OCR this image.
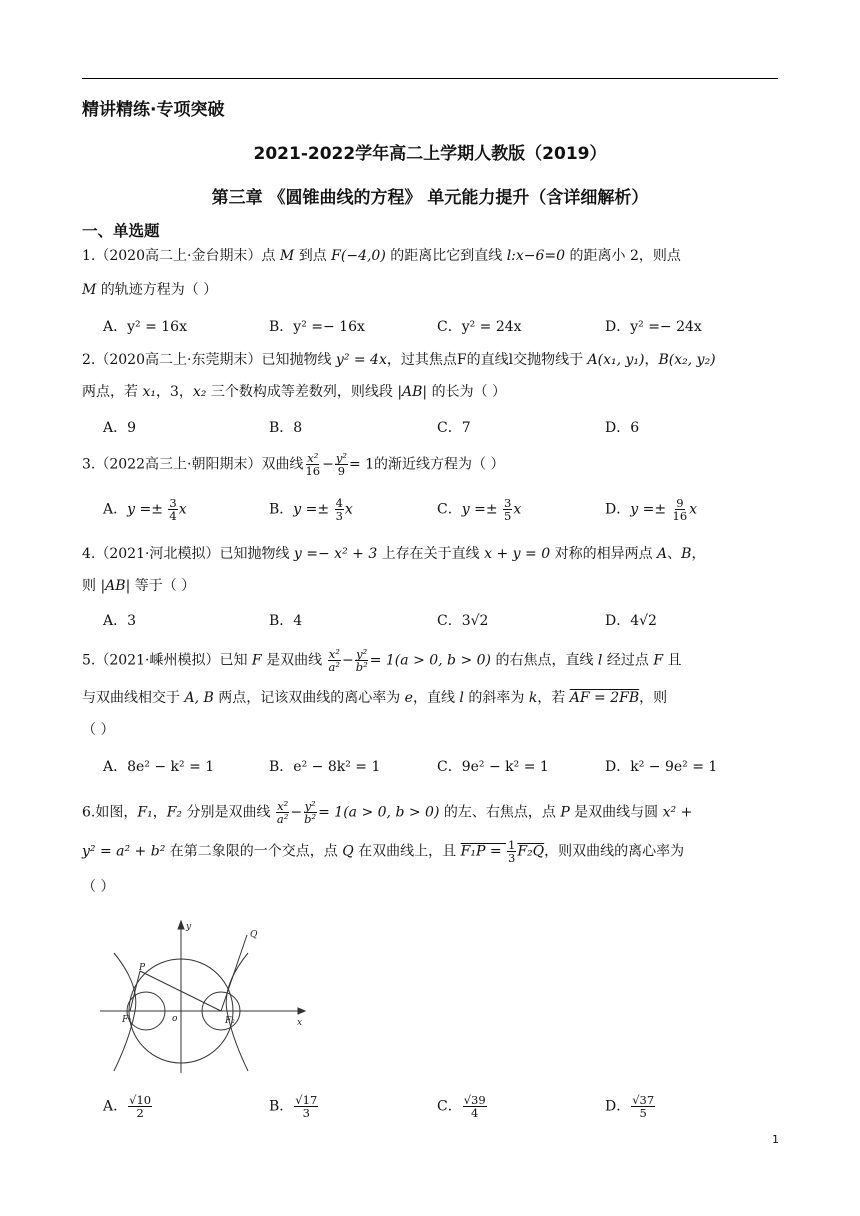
精讲精练·专项突破
2021-2022学年高二上学期人教版（2019）
第三章 《圆锥曲线的方程》 单元能力提升（含详细解析）
一、单选题
1.（2020高二上·金台期末）点 M 到点 F(−4,0) 的距离比它到直线 l:x−6=0 的距离小 2，则点
M 的轨迹方程为（ ）
A．y² = 16x	B．y² =− 16x	C．y² = 24x	D．y² =− 24x
2.（2020高二上·东莞期末）已知抛物线 y² = 4x，过其焦点F的直线l交抛物线于 A(x₁, y₁)，B(x₂, y₂)
两点，若 x₁，3，x₂ 三个数构成等差数列，则线段 |AB| 的长为（ ）
A．9	B．8	C．7	D．6
3.（2022高三上·朝阳期末）双曲线 $\frac{\text{x²}}{16} - \frac{\text{y²}}{9} = 1$的渐近线方程为（ ）
A．$y =\pm \frac{3}{4}$ x	B．$y =\pm \frac{4}{3}$ x	C．$y =\pm \frac{3}{5}$ x	D．$y =\pm \frac{9}{16}$ x
4.（2021·河北模拟）已知抛物线 y =− x² + 3 上存在关于直线 x + y = 0 对称的相异两点 A、B，
则 |AB| 等于（ ）
A．3	B．4	C．3√2	D．4√2
5.（2021·嵊州模拟）已知 F 是双曲线 $\frac{\text{x²}}{\text{a²}} - \frac{\text{y²}}{\text{b²}} = 1(a > 0$, b > 0) 的右焦点，直线 l 经过点 F 且
与双曲线相交于 A, B 两点，记该双曲线的离心率为 e，直线 l 的斜率为 k，若 AF = 2FB，则
（ ）
A．8e² − k² = 1	B．e² − 8k² = 1	C．9e² − k² = 1	D．k² − 9e² = 1
6.如图，F₁，F₂ 分别是双曲线 $\frac{\text{x²}}{\text{a²}} - \frac{\text{y²}}{\text{b²}} = 1(a > 0$, b > 0) 的左、右焦点，点 P 是双曲线与圆 x² +
y² = a² + b² 在第二象限的一个交点，点 Q 在双曲线上，且 $F_1P = \frac{1}{3} F_2Q$，则双曲线的离心率为
（ ）
y
x
o
P
Q
F₁	F₂
A． $\frac{√10}{2}$	B． $\frac{√17}{3}$	C． $\frac{√39}{4}$	D． $\frac{√37}{5}$
1
